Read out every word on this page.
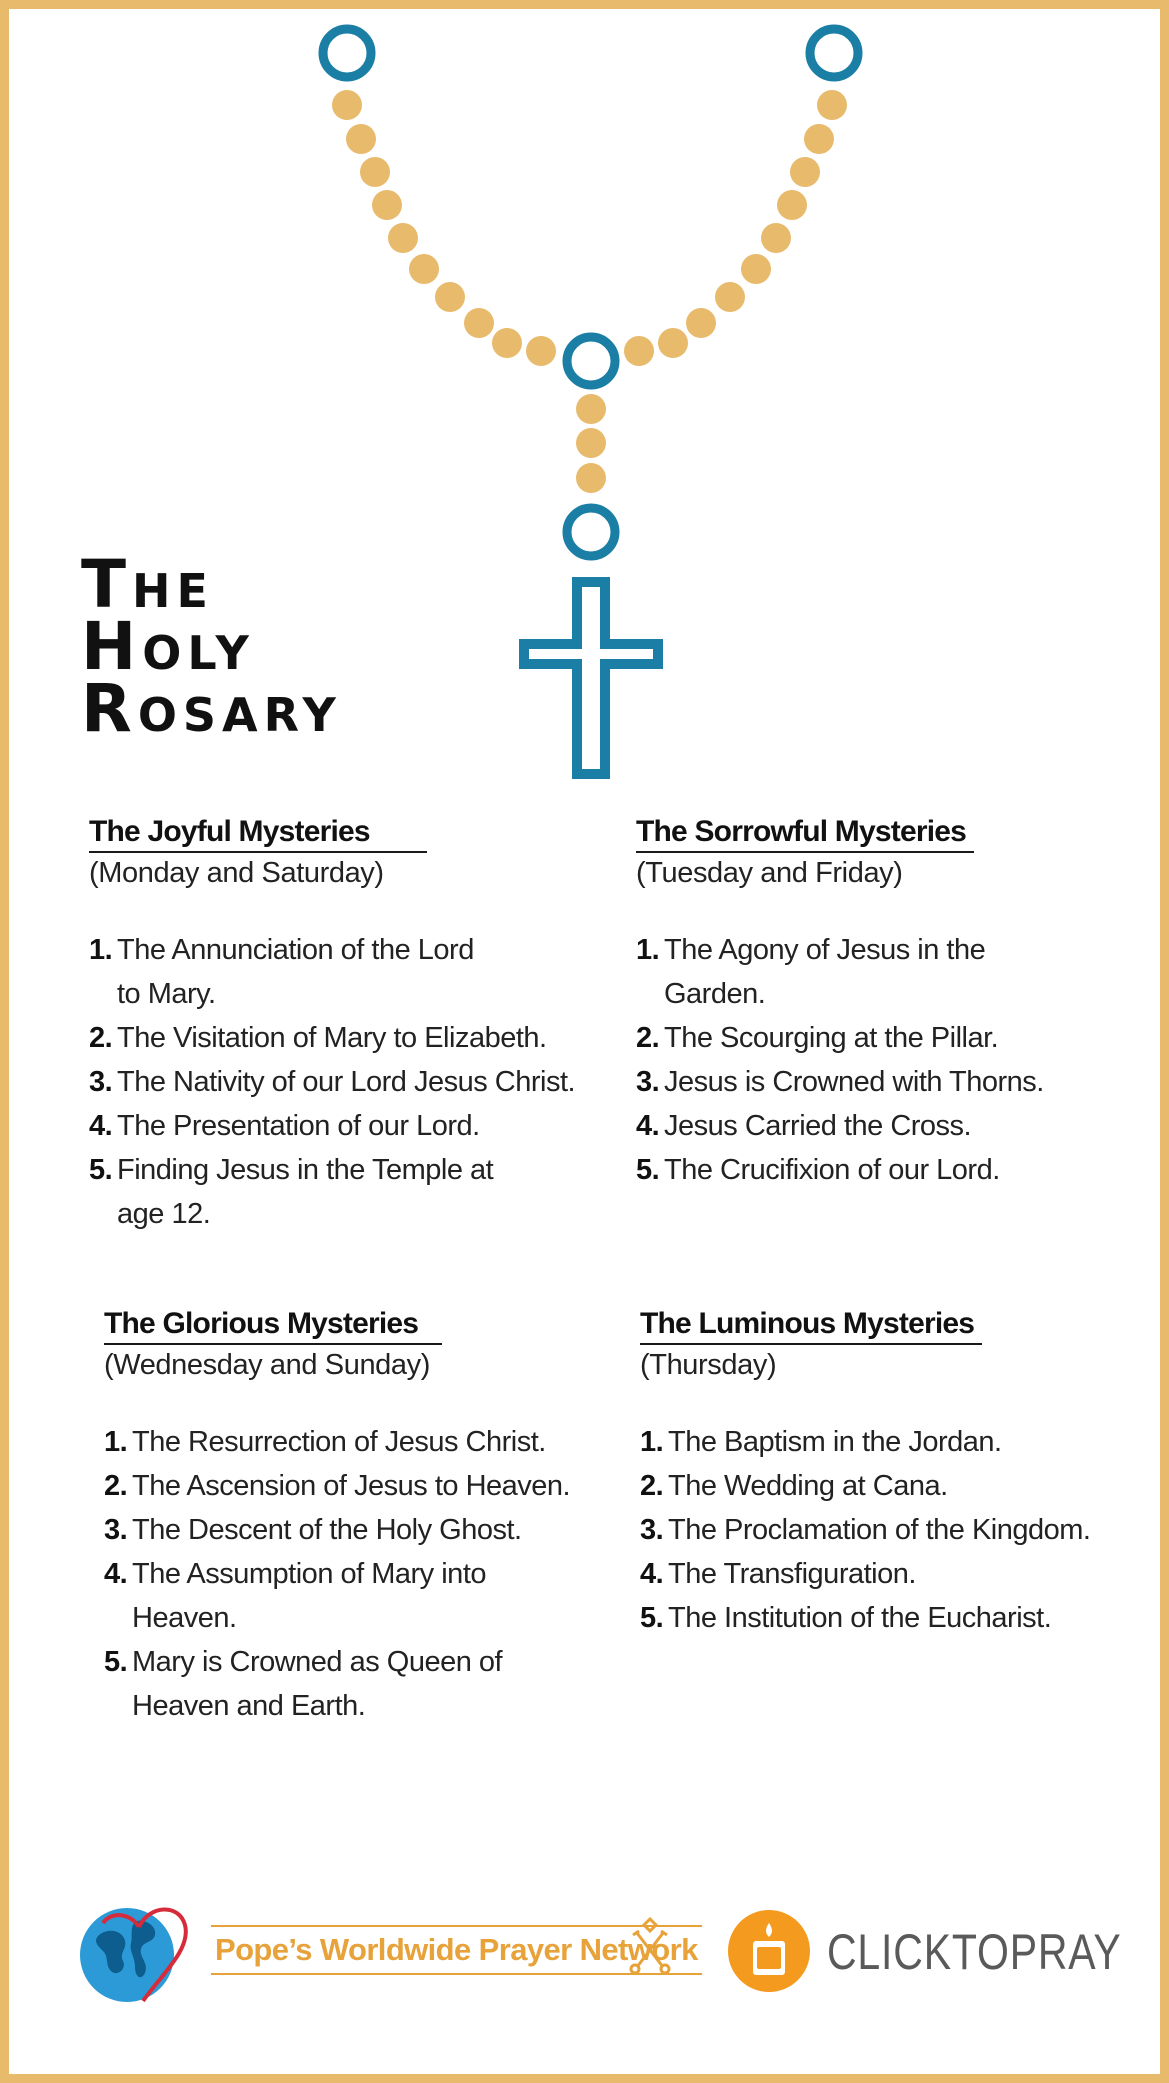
The
Holy
Rosary
The Joyful Mysteries

(Monday and Saturday)

1. The Annunciation of the Lord
to Mary.
2. The Visitation of Mary to Elizabeth.
3. The Nativity of our Lord Jesus Christ.
4. The Presentation of our Lord.
5. Finding Jesus in the Temple at
age 12.
The Sorrowful Mysteries

(Tuesday and Friday)

1. The Agony of Jesus in the
Garden.
2. The Scourging at the Pillar.
3. Jesus is Crowned with Thorns.
4. Jesus Carried the Cross.
5. The Crucifixion of our Lord.
The Glorious Mysteries

(Wednesday and Sunday)

1. The Resurrection of Jesus Christ.
2. The Ascension of Jesus to Heaven.
3. The Descent of the Holy Ghost.
4. The Assumption of Mary into
Heaven.
5. Mary is Crowned as Queen of
Heaven and Earth.
The Luminous Mysteries

(Thursday)

1. The Baptism in the Jordan.
2. The Wedding at Cana.
3. The Proclamation of the Kingdom.
4. The Transfiguration.
5. The Institution of the Eucharist.
Pope’s Worldwide Prayer Network	CLICKTOPRAY
